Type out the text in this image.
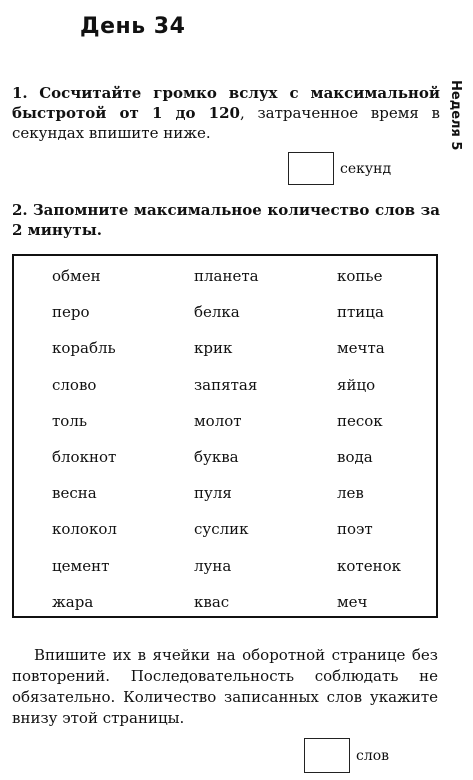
День 34
Неделя 5
1. Сосчитайте громко вслух с максимальной быстротой от 1 до 120, затраченное время в секундах впишите ниже.
секунд
2. Запомните максимальное количество слов за 2 минуты.
обмен	планета	копье
перо	белка	птица
корабль	крик	мечта
слово	запятая	яйцо
толь	молот	песок
блокнот	буква	вода
весна	пуля	лев
колокол	суслик	поэт
цемент	луна	котенок
жара	квас	меч
Впишите их в ячейки на оборотной странице без повторений. Последовательность соблюдать не обязательно. Количество записанных слов укажите внизу этой страницы.
слов
